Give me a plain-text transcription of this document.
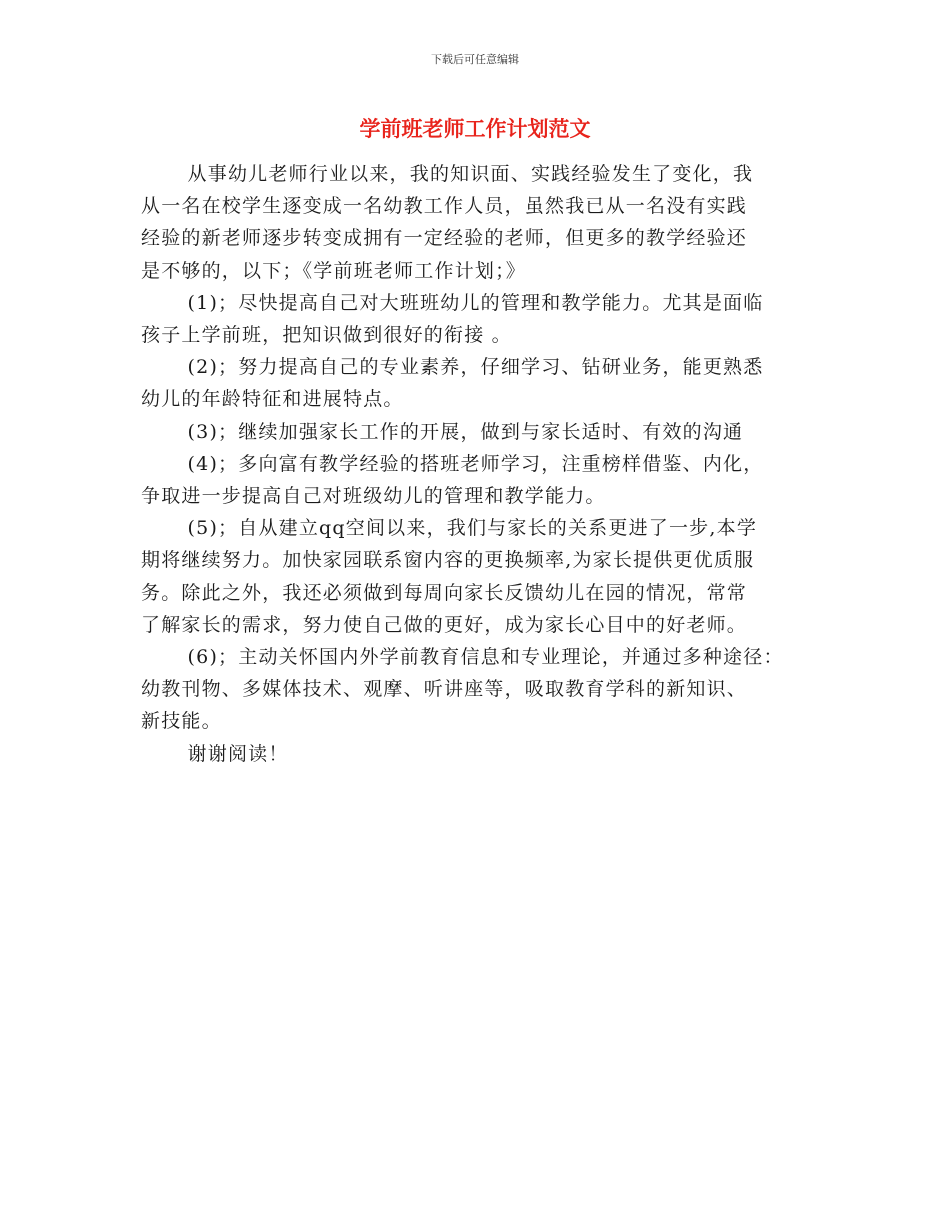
下载后可任意编辑
学前班老师工作计划范文

从事幼儿老师行业以来，我的知识面、实践经验发生了变化，我
从一名在校学生逐变成一名幼教工作人员，虽然我已从一名没有实践
经验的新老师逐步转变成拥有一定经验的老师，但更多的教学经验还
是不够的，以下；《学前班老师工作计划；》

(1)；尽快提高自己对大班班幼儿的管理和教学能力。尤其是面临
孩子上学前班，把知识做到很好的衔接 。

(2)；努力提高自己的专业素养，仔细学习、钻研业务，能更熟悉
幼儿的年龄特征和进展特点。

(3)；继续加强家长工作的开展，做到与家长适时、有效的沟通

(4)；多向富有教学经验的搭班老师学习，注重榜样借鉴、内化，
争取进一步提高自己对班级幼儿的管理和教学能力。

(5)；自从建立qq空间以来，我们与家长的关系更进了一步,本学
期将继续努力。加快家园联系窗内容的更换频率,为家长提供更优质服
务。除此之外，我还必须做到每周向家长反馈幼儿在园的情况，常常
了解家长的需求，努力使自己做的更好，成为家长心目中的好老师。

(6)；主动关怀国内外学前教育信息和专业理论，并通过多种途径：
幼教刊物、多媒体技术、观摩、听讲座等，吸取教育学科的新知识、
新技能。

谢谢阅读！
